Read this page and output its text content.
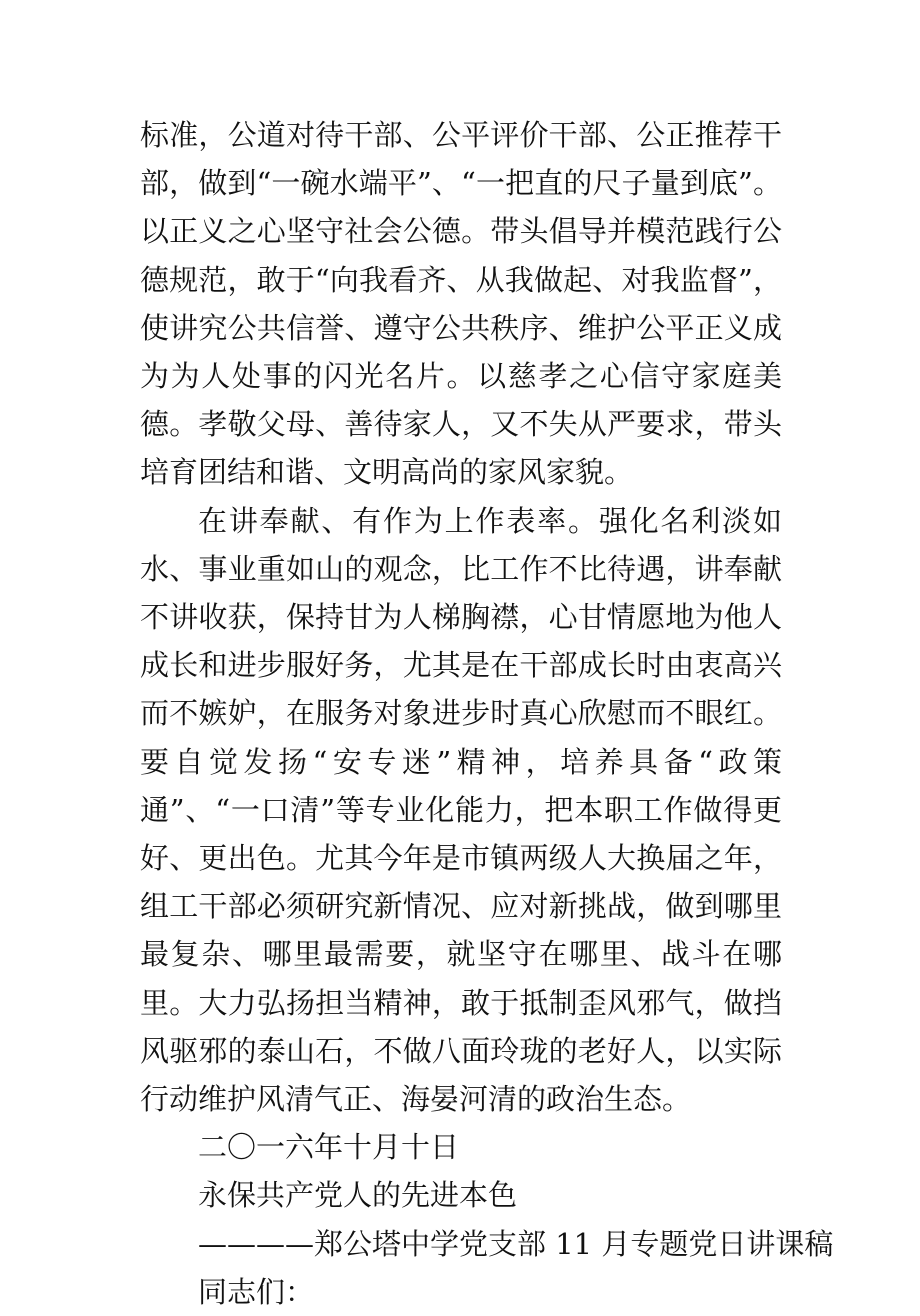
标准，公道对待干部、公平评价干部、公正推荐干部，做到“一碗水端平”、“一把直的尺子量到底”。以正义之心坚守社会公德。带头倡导并模范践行公德规范，敢于“向我看齐、从我做起、对我监督”，使讲究公共信誉、遵守公共秩序、维护公平正义成为为人处事的闪光名片。以慈孝之心信守家庭美德。孝敬父母、善待家人，又不失从严要求，带头培育团结和谐、文明高尚的家风家貌。

在讲奉献、有作为上作表率。强化名利淡如水、事业重如山的观念，比工作不比待遇，讲奉献不讲收获，保持甘为人梯胸襟，心甘情愿地为他人成长和进步服好务，尤其是在干部成长时由衷高兴而不嫉妒，在服务对象进步时真心欣慰而不眼红。要自觉发扬“安专迷”精神，培养具备“政策通”、“一口清”等专业化能力，把本职工作做得更好、更出色。尤其今年是市镇两级人大换届之年，组工干部必须研究新情况、应对新挑战，做到哪里最复杂、哪里最需要，就坚守在哪里、战斗在哪里。大力弘扬担当精神，敢于抵制歪风邪气，做挡风驱邪的泰山石，不做八面玲珑的老好人，以实际行动维护风清气正、海晏河清的政治生态。

二〇一六年十月十日
永保共产党人的先进本色
————郑公塔中学党支部 11 月专题党日讲课稿
同志们：
